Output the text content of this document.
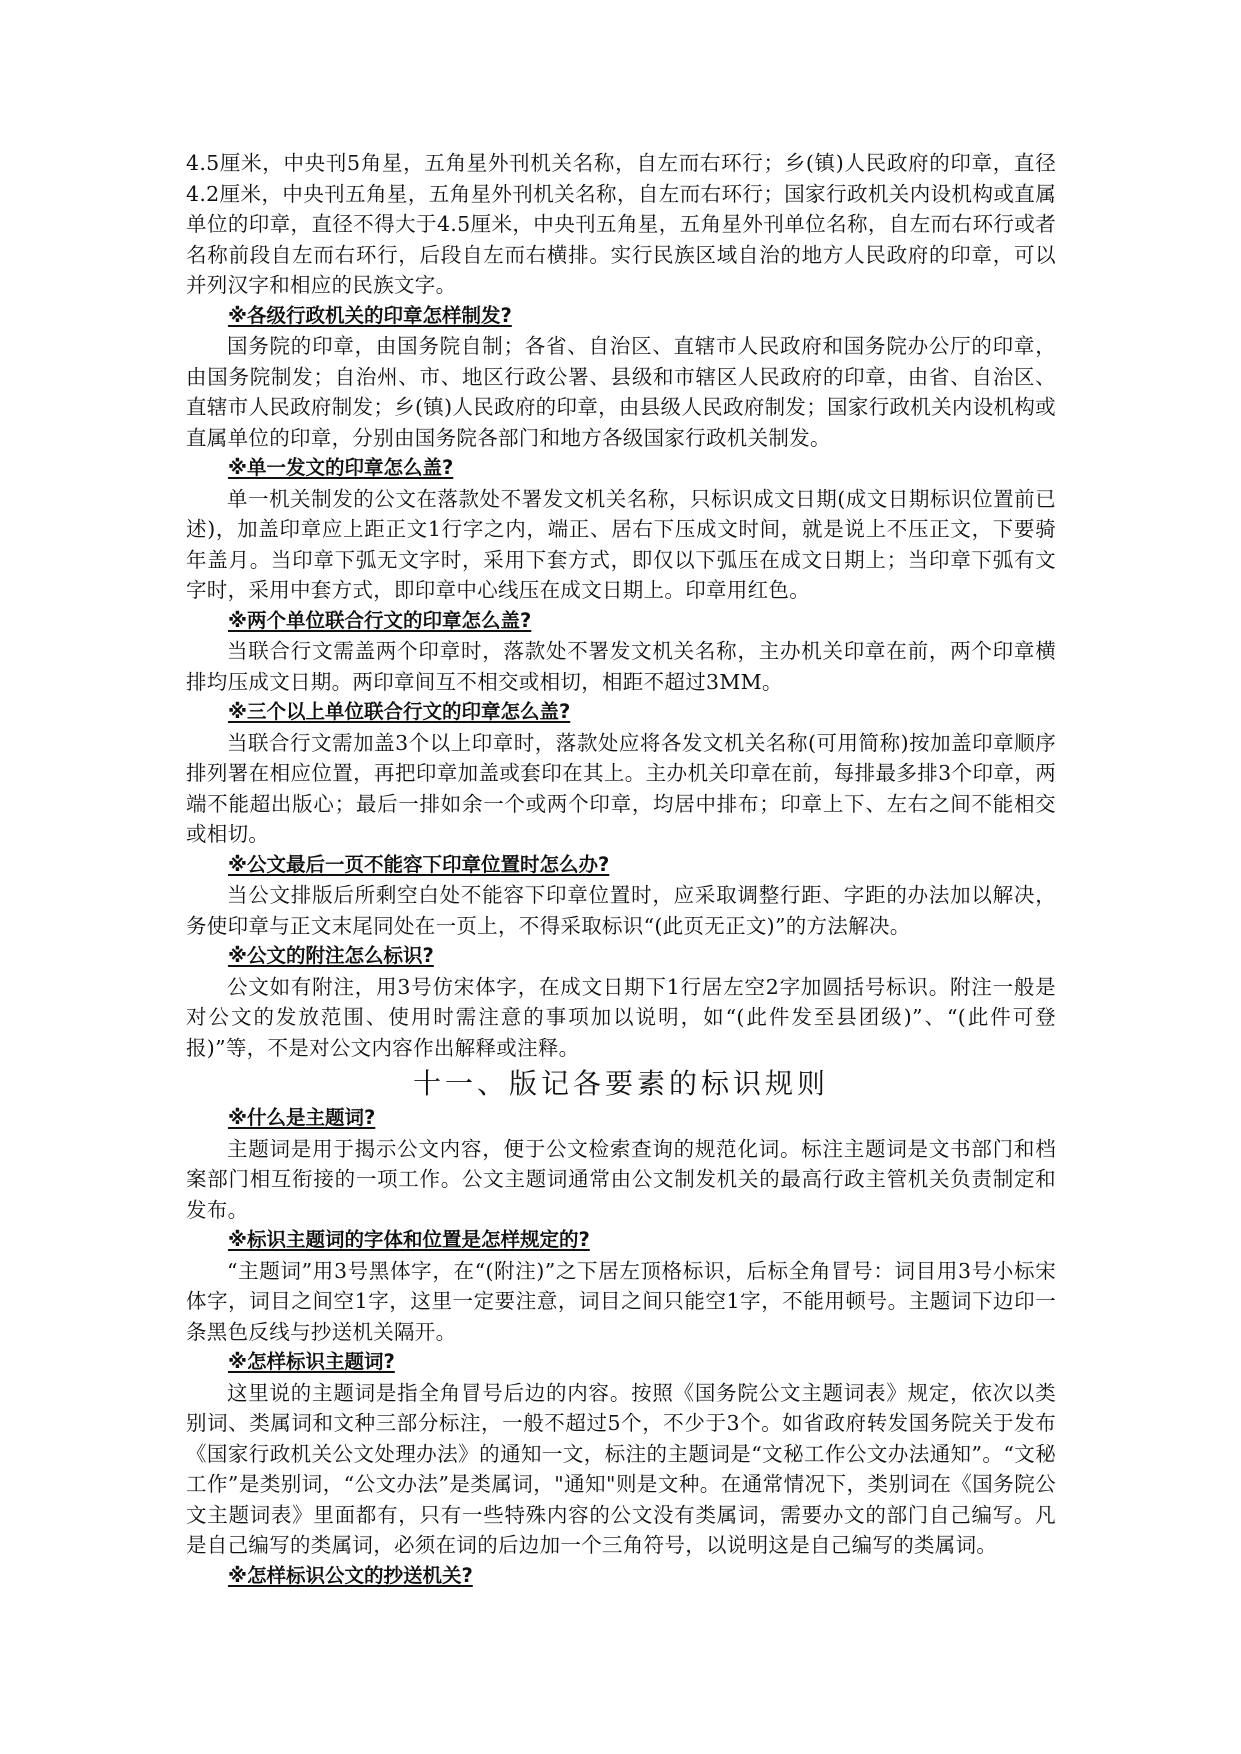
4.5厘米，中央刊5角星，五角星外刊机关名称，自左而右环行；乡(镇)人民政府的印章，直径4.2厘米，中央刊五角星，五角星外刊机关名称，自左而右环行；国家行政机关内设机构或直属单位的印章，直径不得大于4.5厘米，中央刊五角星，五角星外刊单位名称，自左而右环行或者名称前段自左而右环行，后段自左而右横排。实行民族区域自治的地方人民政府的印章，可以并列汉字和相应的民族文字。

※各级行政机关的印章怎样制发?

国务院的印章，由国务院自制；各省、自治区、直辖市人民政府和国务院办公厅的印章，由国务院制发；自治州、市、地区行政公署、县级和市辖区人民政府的印章，由省、自治区、直辖市人民政府制发；乡(镇)人民政府的印章，由县级人民政府制发；国家行政机关内设机构或直属单位的印章，分别由国务院各部门和地方各级国家行政机关制发。

※单一发文的印章怎么盖?

单一机关制发的公文在落款处不署发文机关名称，只标识成文日期(成文日期标识位置前已述)，加盖印章应上距正文1行字之内，端正、居右下压成文时间，就是说上不压正文，下要骑年盖月。当印章下弧无文字时，采用下套方式，即仅以下弧压在成文日期上；当印章下弧有文字时，采用中套方式，即印章中心线压在成文日期上。印章用红色。

※两个单位联合行文的印章怎么盖?

当联合行文需盖两个印章时，落款处不署发文机关名称，主办机关印章在前，两个印章横排均压成文日期。两印章间互不相交或相切，相距不超过3MM。

※三个以上单位联合行文的印章怎么盖?

当联合行文需加盖3个以上印章时，落款处应将各发文机关名称(可用简称)按加盖印章顺序排列署在相应位置，再把印章加盖或套印在其上。主办机关印章在前，每排最多排3个印章，两端不能超出版心；最后一排如余一个或两个印章，均居中排布；印章上下、左右之间不能相交或相切。

※公文最后一页不能容下印章位置时怎么办?

当公文排版后所剩空白处不能容下印章位置时，应采取调整行距、字距的办法加以解决，务使印章与正文末尾同处在一页上，不得采取标识“(此页无正文)”的方法解决。

※公文的附注怎么标识?

公文如有附注，用3号仿宋体字，在成文日期下1行居左空2字加圆括号标识。附注一般是对公文的发放范围、使用时需注意的事项加以说明，如“(此件发至县团级)”、“(此件可登报)”等，不是对公文内容作出解释或注释。

十一、版记各要素的标识规则
※什么是主题词?

主题词是用于揭示公文内容，便于公文检索查询的规范化词。标注主题词是文书部门和档案部门相互衔接的一项工作。公文主题词通常由公文制发机关的最高行政主管机关负责制定和发布。

※标识主题词的字体和位置是怎样规定的?

“主题词”用3号黑体字，在“(附注)”之下居左顶格标识，后标全角冒号：词目用3号小标宋体字，词目之间空1字，这里一定要注意，词目之间只能空1字，不能用顿号。主题词下边印一条黑色反线与抄送机关隔开。

※怎样标识主题词?

这里说的主题词是指全角冒号后边的内容。按照《国务院公文主题词表》规定，依次以类别词、类属词和文种三部分标注，一般不超过5个，不少于3个。如省政府转发国务院关于发布《国家行政机关公文处理办法》的通知一文，标注的主题词是“文秘工作公文办法通知”。“文秘工作”是类别词，“公文办法”是类属词，"通知"则是文种。在通常情况下，类别词在《国务院公文主题词表》里面都有，只有一些特殊内容的公文没有类属词，需要办文的部门自己编写。凡是自己编写的类属词，必须在词的后边加一个三角符号，以说明这是自己编写的类属词。

※怎样标识公文的抄送机关?
